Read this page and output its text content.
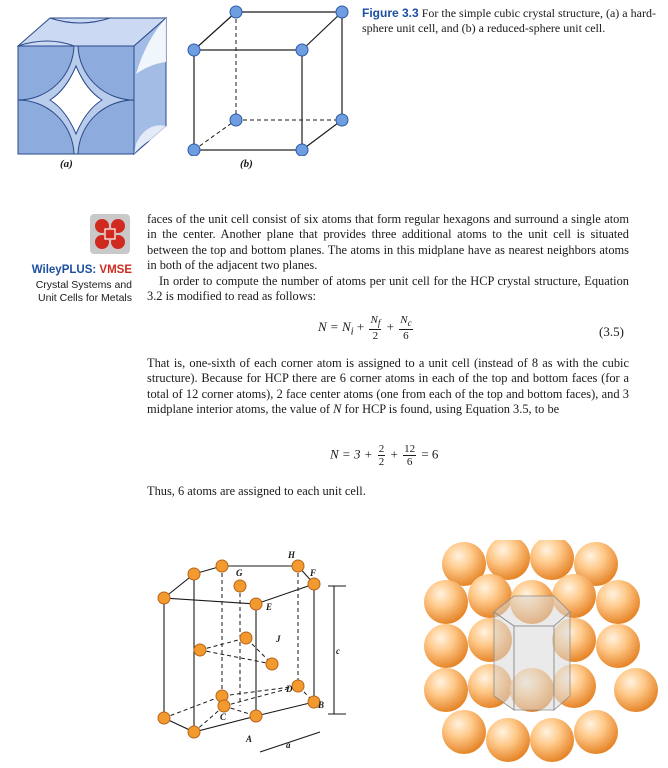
(a)	(b)
Figure 3.3 For the simple cubic crystal structure, (a) a hard-sphere unit cell, and (b) a reduced-sphere unit cell.
WileyPLUS: VMSE
Crystal Systems and
Unit Cells for Metals

faces of the unit cell consist of six atoms that form regular hexagons and surround a single atom in the center. Another plane that provides three additional atoms to the unit cell is situated between the top and bottom planes. The atoms in this midplane have as nearest neighbors atoms in both of the adjacent two planes.

In order to compute the number of atoms per unit cell for the HCP crystal structure, Equation 3.2 is modified to read as follows:

$N = N_i + \frac{N_f}{2} + \frac{N_c}{6}$	(3.5)

That is, one-sixth of each corner atom is assigned to a unit cell (instead of 8 as with the cubic structure). Because for HCP there are 6 corner atoms in each of the top and bottom faces (for a total of 12 corner atoms), 2 face center atoms (one from each of the top and bottom faces), and 3 midplane interior atoms, the value of N for HCP is found, using Equation 3.5, to be

$N = 3 + \frac{2}{2} + \frac{12}{6} = 6$

Thus, 6 atoms are assigned to each unit cell.

H
G	F
E
J
D
C
B
A
c
a
